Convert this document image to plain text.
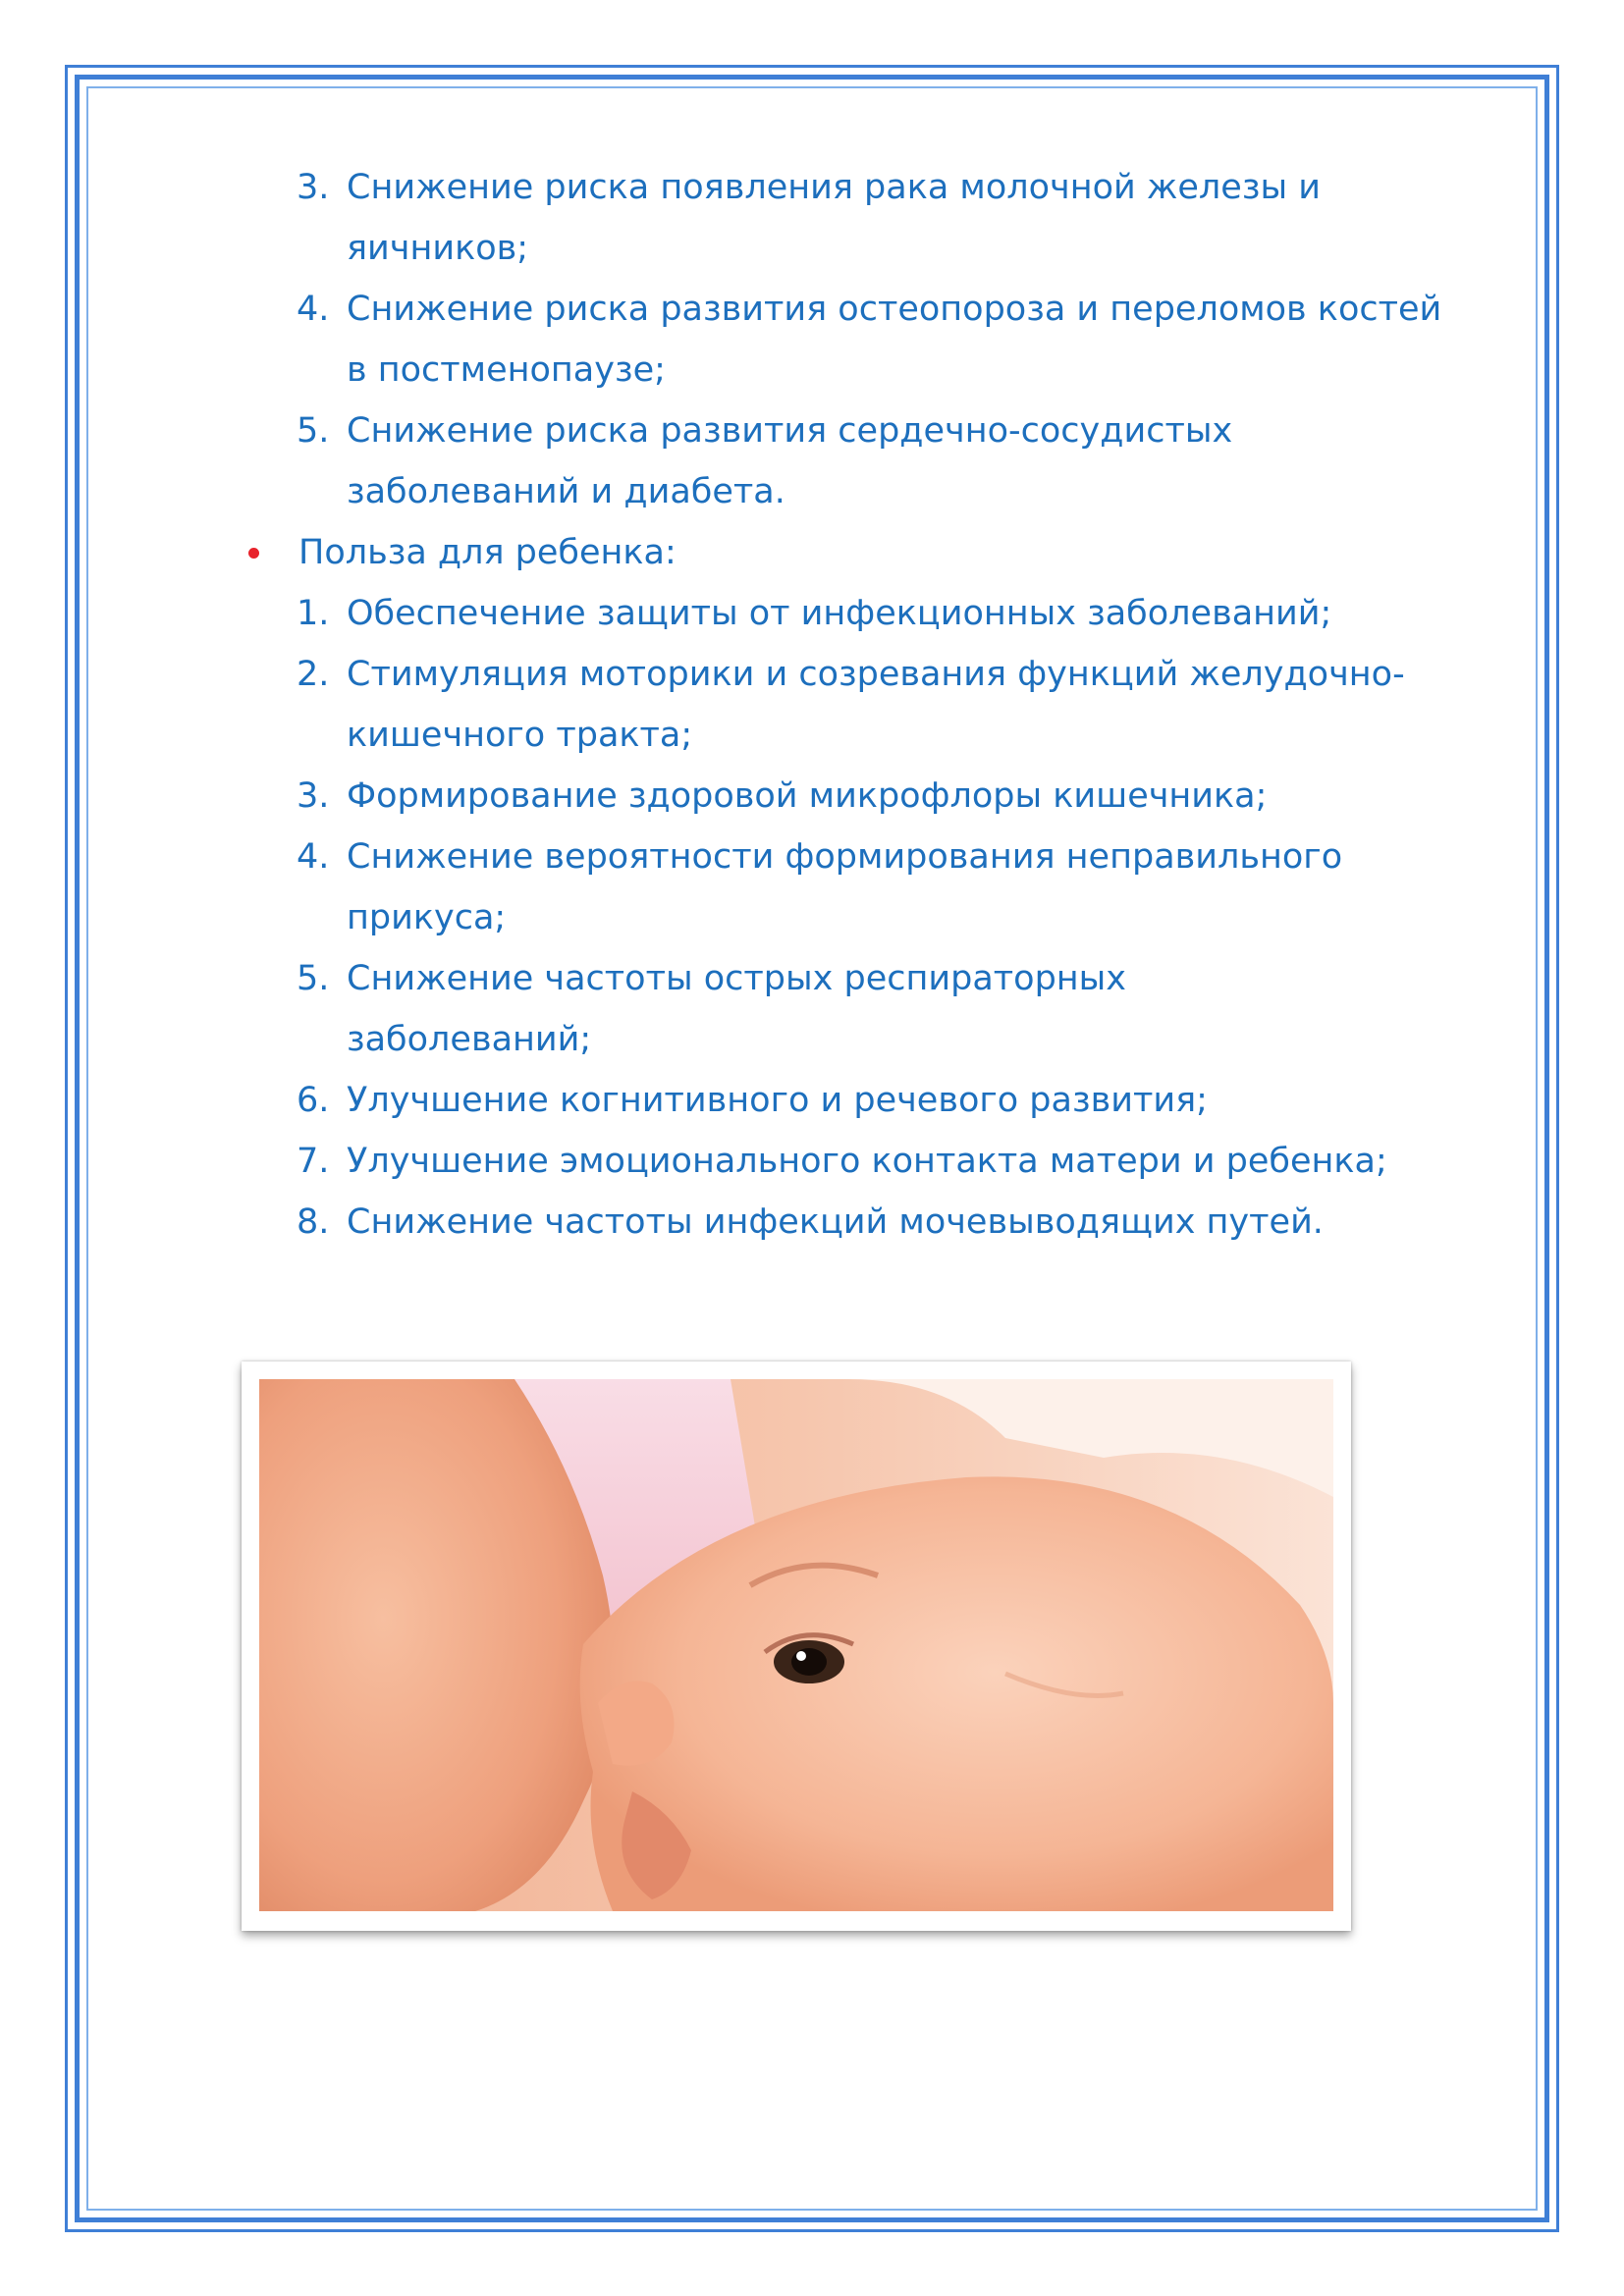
3. Снижение риска появления рака молочной железы и
яичников;
4. Снижение риска развития остеопороза и переломов костей
в постменопаузе;
5. Снижение риска развития сердечно-сосудистых
заболеваний и диабета.
Польза для ребенка:
1. Обеспечение защиты от инфекционных заболеваний;
2. Стимуляция моторики и созревания функций желудочно-
кишечного тракта;
3. Формирование здоровой микрофлоры кишечника;
4. Снижение вероятности формирования неправильного
прикуса;
5. Снижение частоты острых респираторных
заболеваний;
6. Улучшение когнитивного и речевого развития;
7. Улучшение эмоционального контакта матери и ребенка;
8. Снижение частоты инфекций мочевыводящих путей.
